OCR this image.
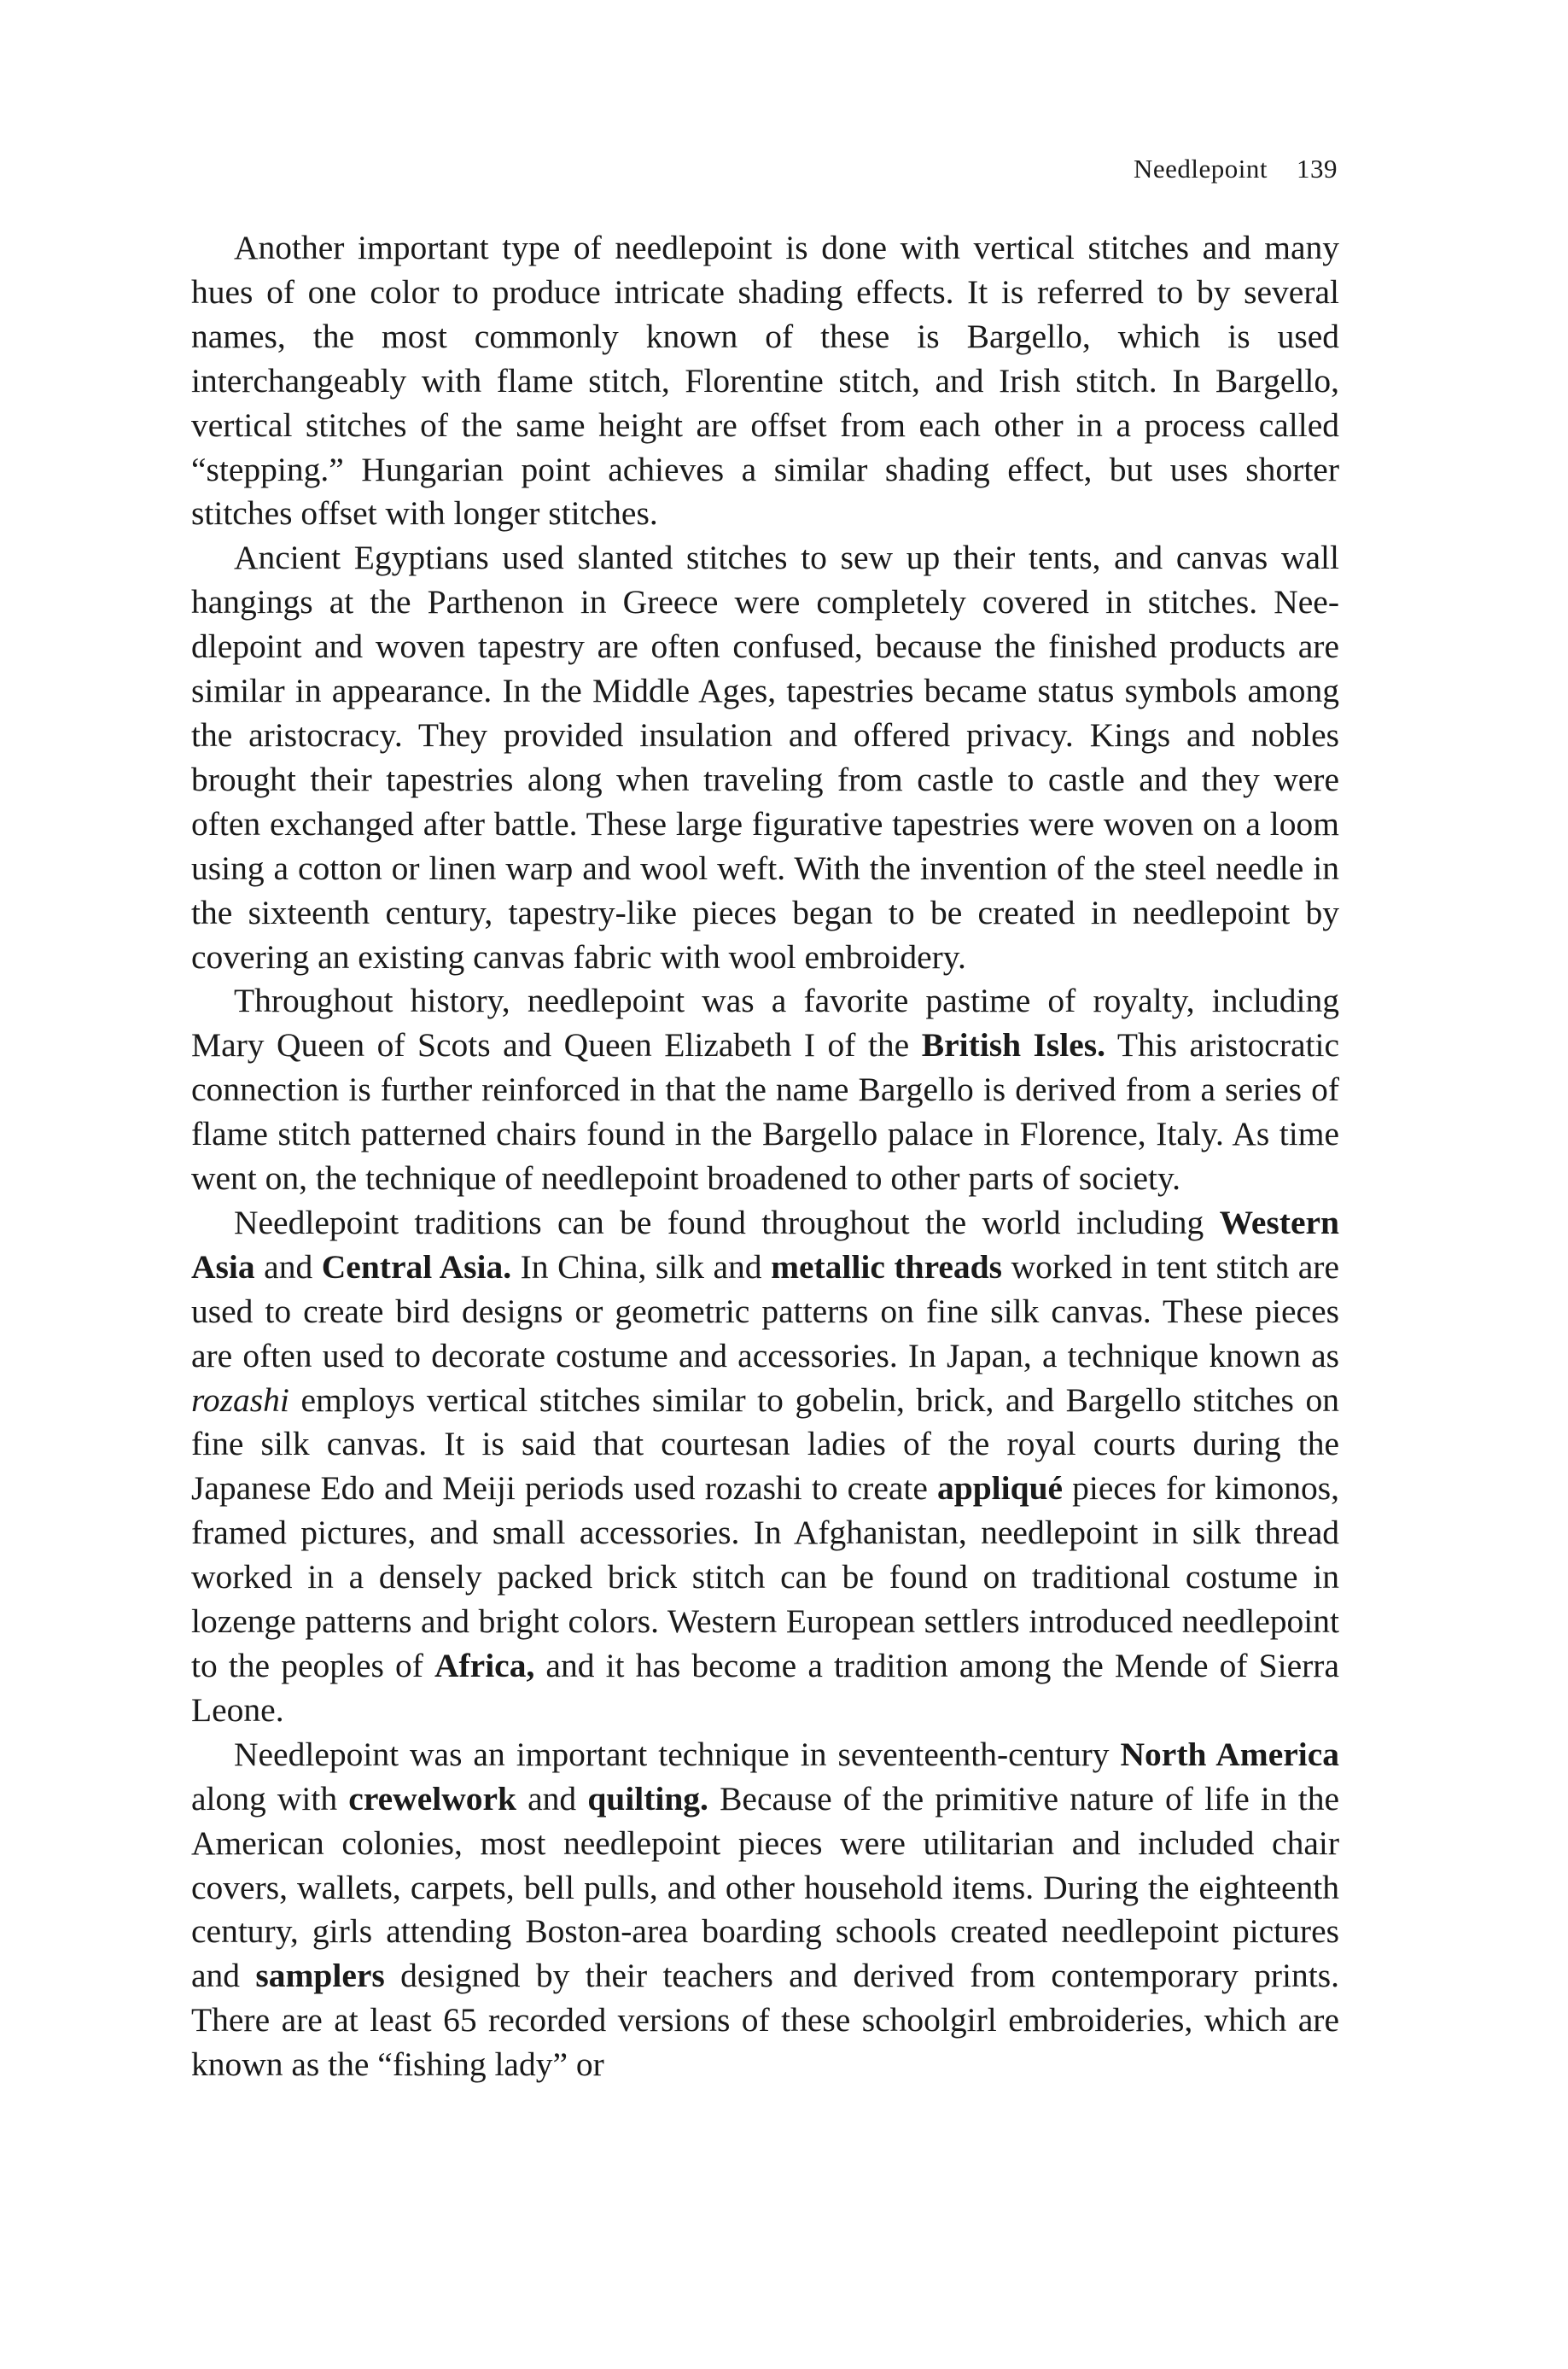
Needlepoint 139

Another important type of needlepoint is done with vertical stitches and many hues of one color to produce intricate shading effects. It is referred to by several names, the most commonly known of these is Bargello, which is used interchangeably with flame stitch, Florentine stitch, and Irish stitch. In Bargello, vertical stitches of the same height are offset from each other in a process called “stepping.” Hungarian point achieves a similar shading effect, but uses shorter stitches offset with longer stitches.

Ancient Egyptians used slanted stitches to sew up their tents, and canvas wall hangings at the Parthenon in Greece were completely covered in stitches. Needlepoint and woven tapestry are often confused, because the finished products are similar in appearance. In the Middle Ages, tapestries became status symbols among the aristocracy. They provided insulation and offered privacy. Kings and nobles brought their tapestries along when traveling from castle to castle and they were often exchanged after battle. These large figurative tapestries were woven on a loom using a cotton or linen warp and wool weft. With the invention of the steel needle in the sixteenth century, tapestry-like pieces began to be created in needlepoint by covering an existing canvas fabric with wool embroidery.

Throughout history, needlepoint was a favorite pastime of royalty, including Mary Queen of Scots and Queen Elizabeth I of the British Isles. This aristocratic connection is further reinforced in that the name Bargello is derived from a series of flame stitch patterned chairs found in the Bargello palace in Florence, Italy. As time went on, the technique of needlepoint broadened to other parts of society.

Needlepoint traditions can be found throughout the world including Western Asia and Central Asia. In China, silk and metallic threads worked in tent stitch are used to create bird designs or geometric patterns on fine silk canvas. These pieces are often used to decorate costume and accessories. In Japan, a technique known as rozashi employs vertical stitches similar to gobelin, brick, and Bargello stitches on fine silk canvas. It is said that courtesan ladies of the royal courts during the Japanese Edo and Meiji periods used rozashi to create appliqué pieces for kimonos, framed pictures, and small accessories. In Afghanistan, needlepoint in silk thread worked in a densely packed brick stitch can be found on traditional costume in lozenge patterns and bright colors. Western European settlers introduced needlepoint to the peoples of Africa, and it has become a tradition among the Mende of Sierra Leone.

Needlepoint was an important technique in seventeenth-century North America along with crewelwork and quilting. Because of the primitive nature of life in the American colonies, most needlepoint pieces were utilitarian and included chair covers, wallets, carpets, bell pulls, and other household items. During the eighteenth century, girls attending Boston-area boarding schools created needlepoint pictures and samplers designed by their teachers and derived from contemporary prints. There are at least 65 recorded versions of these schoolgirl embroideries, which are known as the “fishing lady” or
